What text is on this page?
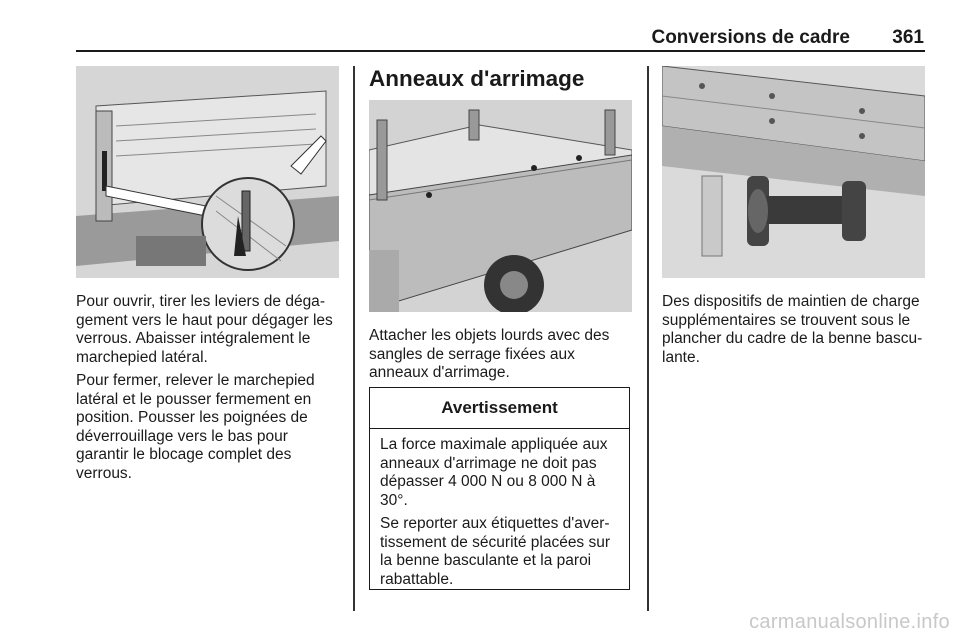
Conversions de cadre	361

Pour ouvrir, tirer les leviers de dégagement vers le haut pour dégager les verrous. Abaisser intégralement le marchepied latéral.

Pour fermer, relever le marchepied latéral et le pousser fermement en position. Pousser les poignées de déverrouillage vers le bas pour garantir le blocage complet des verrous.

Anneaux d'arrimage

Attacher les objets lourds avec des sangles de serrage fixées aux anneaux d'arrimage.

Avertissement

La force maximale appliquée aux anneaux d'arrimage ne doit pas dépasser 4 000 N ou 8 000 N à 30°.

Se reporter aux étiquettes d'avertissement de sécurité placées sur la benne basculante et la paroi rabattable.

Des dispositifs de maintien de charge supplémentaires se trouvent sous le plancher du cadre de la benne basculante.

carmanualsonline.info
